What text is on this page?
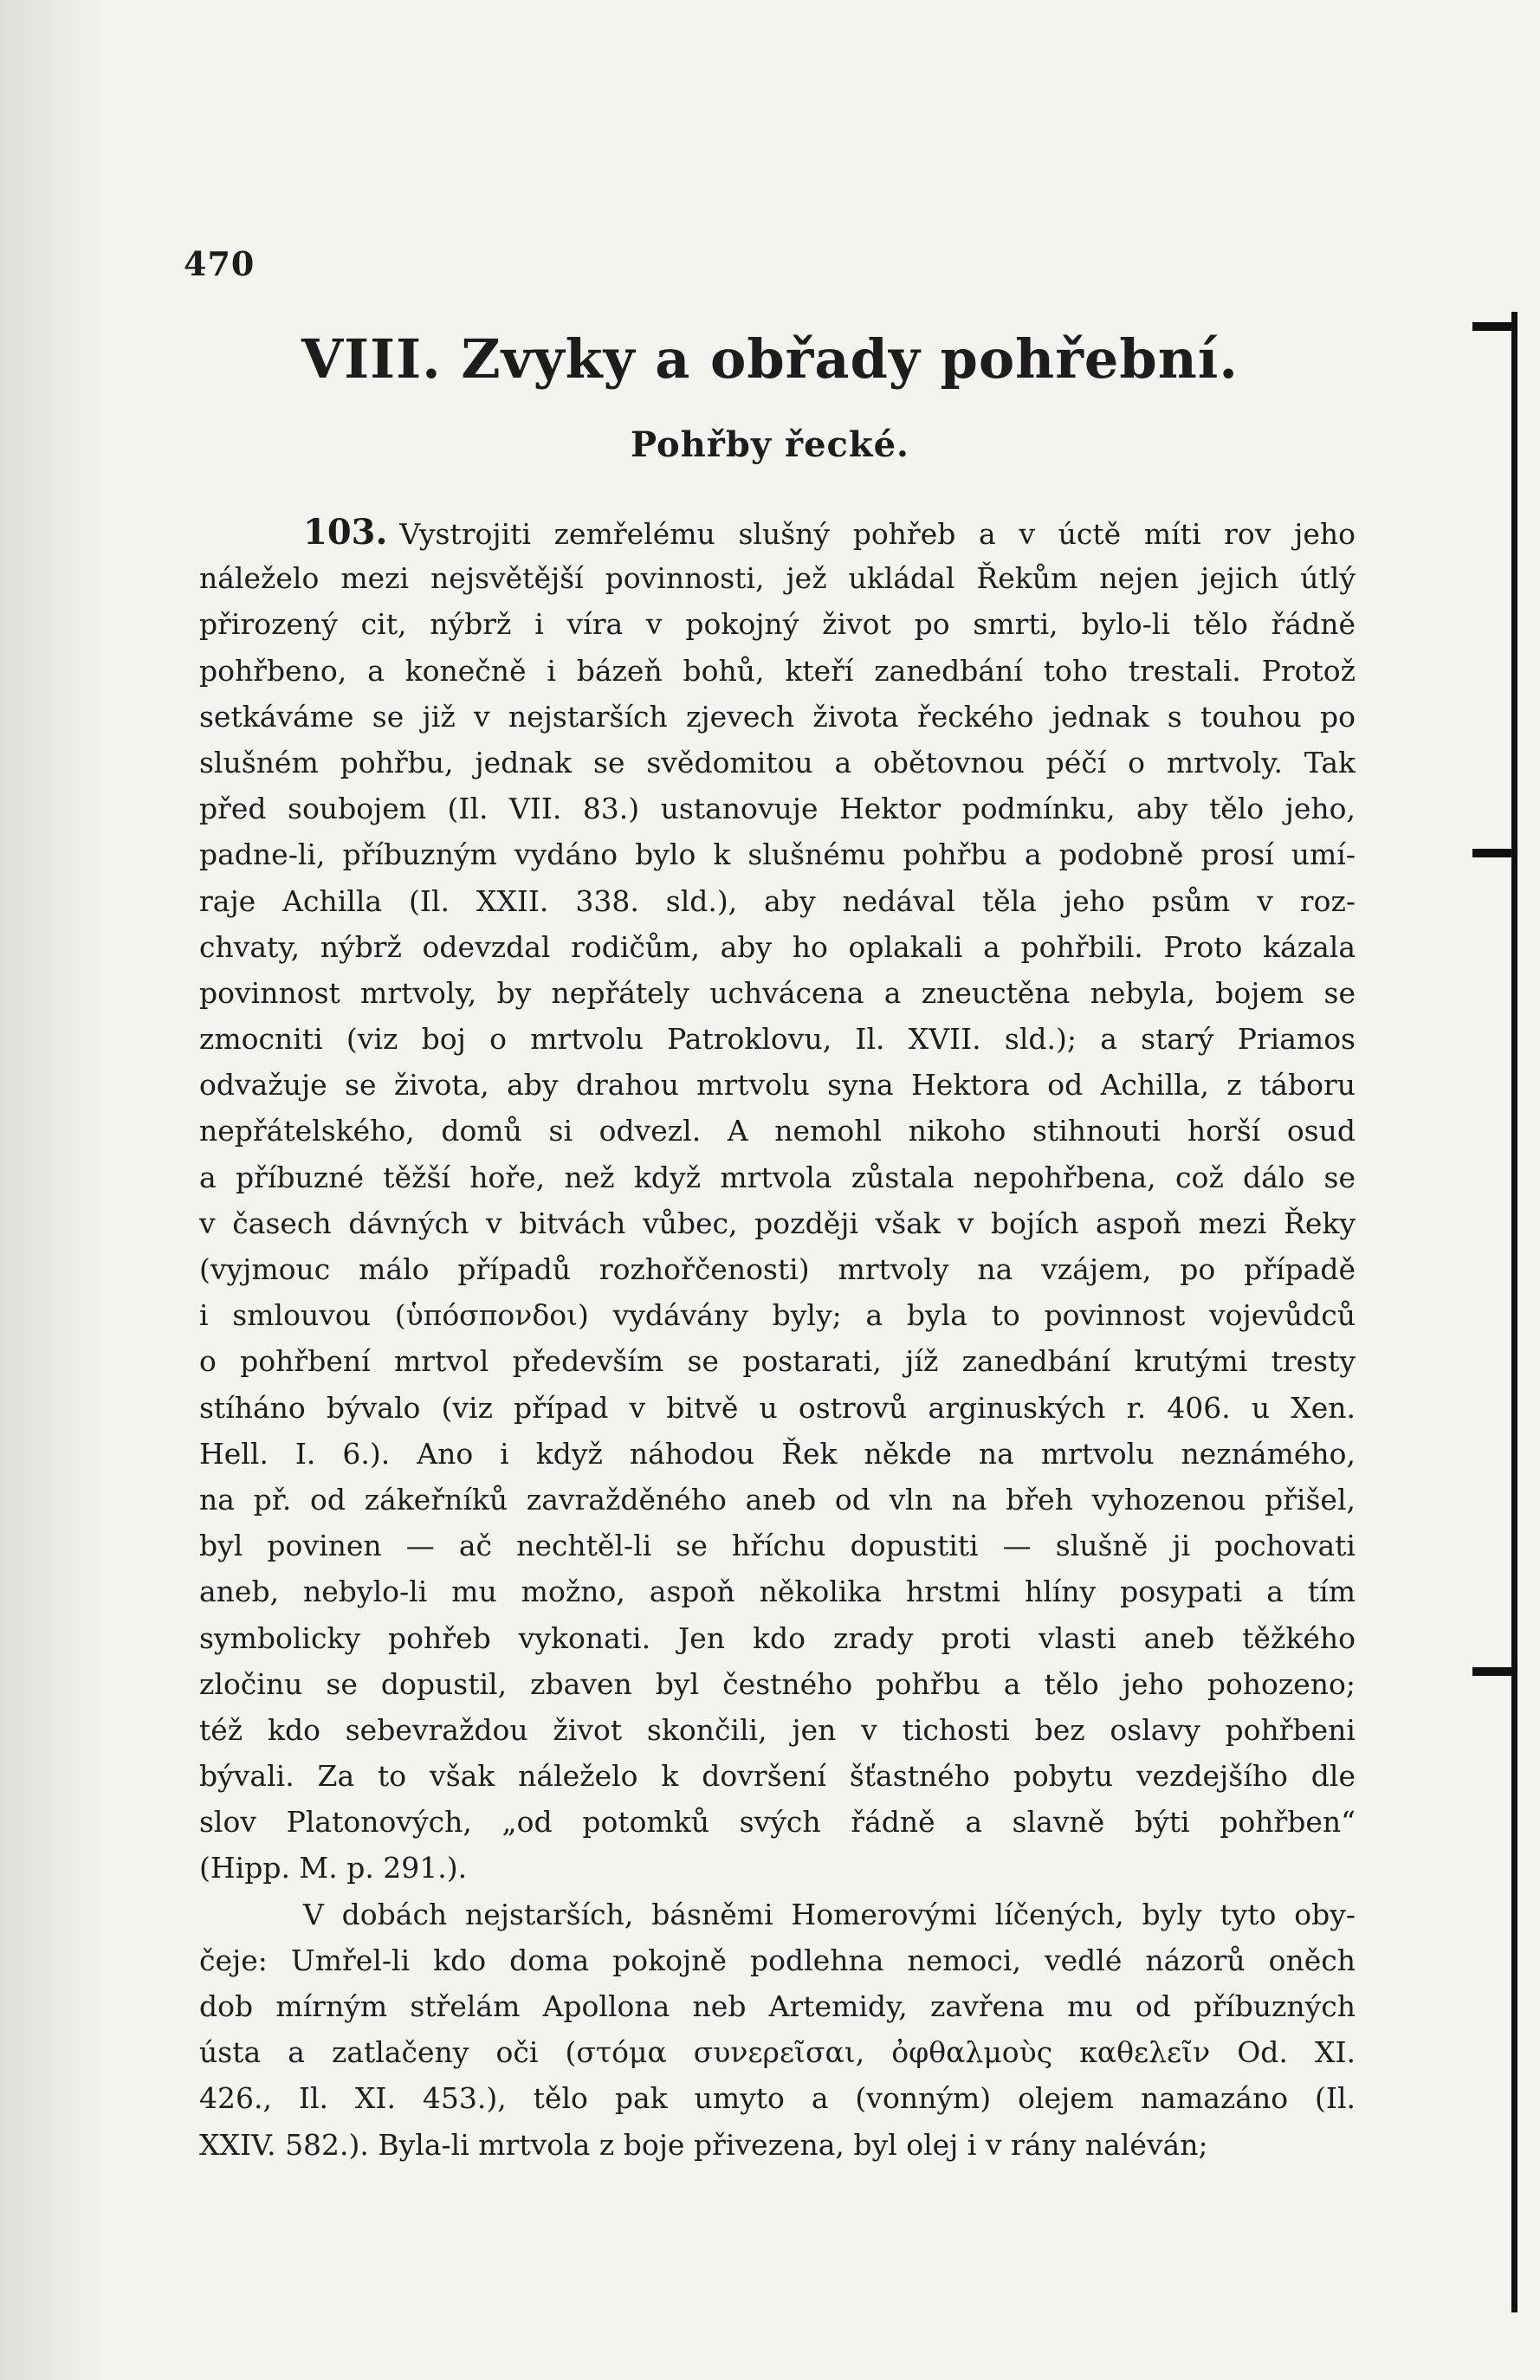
470
VIII. Zvyky a obřady pohřební.
Pohřby řecké.
103. Vystrojiti zemřelému slušný pohřeb a v úctě míti rov jeho
náleželo mezi nejsvětější povinnosti, jež ukládal Řekům nejen jejich útlý
přirozený cit, nýbrž i víra v pokojný život po smrti, bylo-li tělo řádně
pohřbeno, a konečně i bázeň bohů, kteří zanedbání toho trestali. Protož
setkáváme se již v nejstarších zjevech života řeckého jednak s touhou po
slušném pohřbu, jednak se svědomitou a obětovnou péčí o mrtvoly. Tak
před soubojem (Il. VII. 83.) ustanovuje Hektor podmínku, aby tělo jeho,
padne-li, příbuzným vydáno bylo k slušnému pohřbu a podobně prosí umí-
raje Achilla (Il. XXII. 338. sld.), aby nedával těla jeho psům v roz-
chvaty, nýbrž odevzdal rodičům, aby ho oplakali a pohřbili. Proto kázala
povinnost mrtvoly, by nepřátely uchvácena a zneuctěna nebyla, bojem se
zmocniti (viz boj o mrtvolu Patroklovu, Il. XVII. sld.); a starý Priamos
odvažuje se života, aby drahou mrtvolu syna Hektora od Achilla, z táboru
nepřátelského, domů si odvezl. A nemohl nikoho stihnouti horší osud
a příbuzné těžší hoře, než když mrtvola zůstala nepohřbena, což dálo se
v časech dávných v bitvách vůbec, později však v bojích aspoň mezi Řeky
(vyjmouc málo případů rozhořčenosti) mrtvoly na vzájem, po případě
i smlouvou (ὑπόσπονδοι) vydávány byly; a byla to povinnost vojevůdců
o pohřbení mrtvol především se postarati, jíž zanedbání krutými tresty
stíháno bývalo (viz případ v bitvě u ostrovů arginuských r. 406. u Xen.
Hell. I. 6.). Ano i když náhodou Řek někde na mrtvolu neznámého,
na př. od zákeřníků zavražděného aneb od vln na břeh vyhozenou přišel,
byl povinen — ač nechtěl-li se hříchu dopustiti — slušně ji pochovati
aneb, nebylo-li mu možno, aspoň několika hrstmi hlíny posypati a tím
symbolicky pohřeb vykonati. Jen kdo zrady proti vlasti aneb těžkého
zločinu se dopustil, zbaven byl čestného pohřbu a tělo jeho pohozeno;
též kdo sebevraždou život skončili, jen v tichosti bez oslavy pohřbeni
bývali. Za to však náleželo k dovršení šťastného pobytu vezdejšího dle
slov Platonových, „od potomků svých řádně a slavně býti pohřben“
(Hipp. M. p. 291.).
V dobách nejstarších, básněmi Homerovými líčených, byly tyto oby-
čeje: Umřel-li kdo doma pokojně podlehna nemoci, vedlé názorů oněch
dob mírným střelám Apollona neb Artemidy, zavřena mu od příbuzných
ústa a zatlačeny oči (στόμα συνερεῖσαι, ὀφθαλμοὺς καθελεῖν Od. XI.
426., Il. XI. 453.), tělo pak umyto a (vonným) olejem namazáno (Il.
XXIV. 582.). Byla-li mrtvola z boje přivezena, byl olej i v rány naléván;
